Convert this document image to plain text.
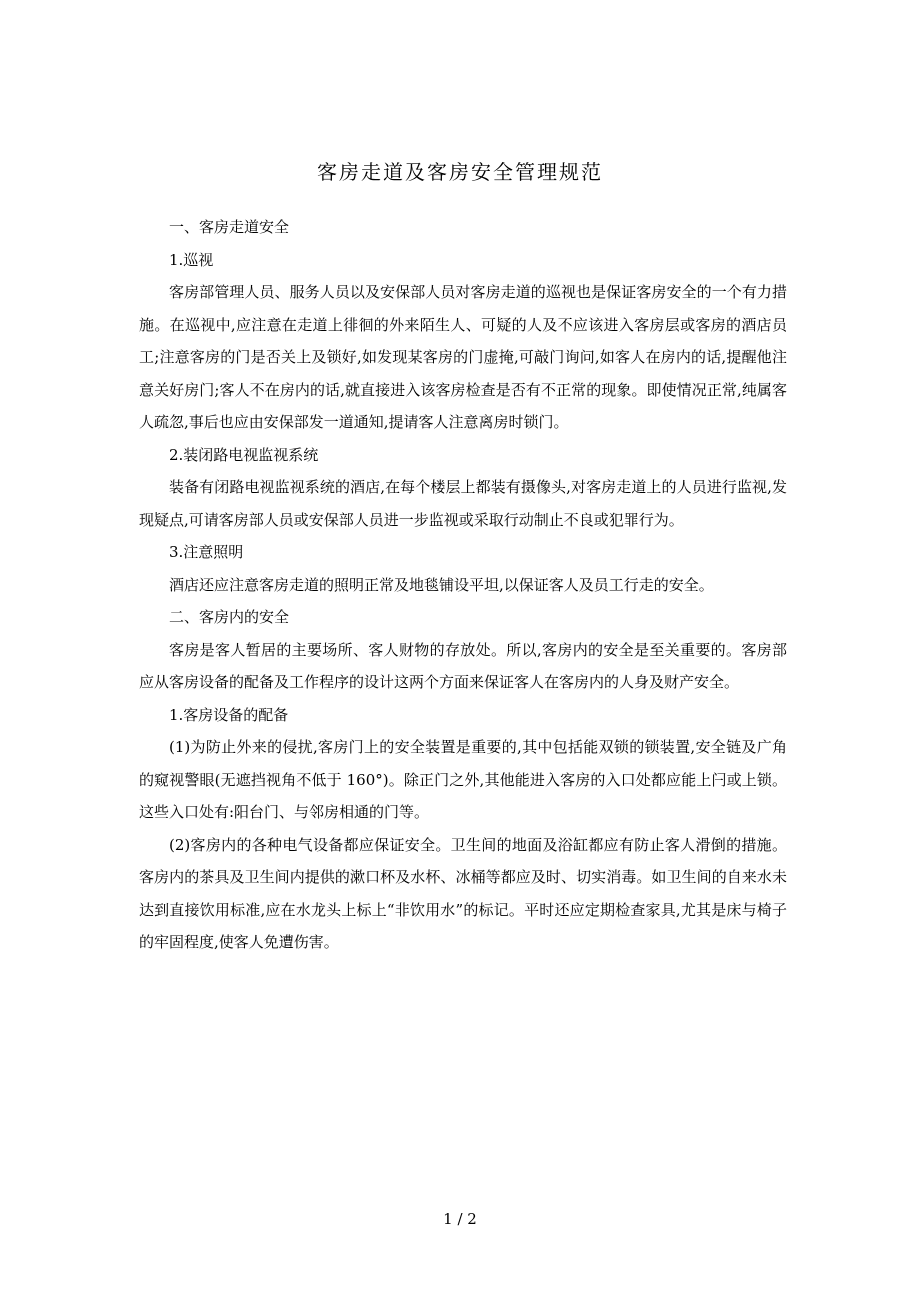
客房走道及客房安全管理规范

一、客房走道安全

1.巡视

客房部管理人员、服务人员以及安保部人员对客房走道的巡视也是保证客房安全的一个有力措施。在巡视中,应注意在走道上徘徊的外来陌生人、可疑的人及不应该进入客房层或客房的酒店员工;注意客房的门是否关上及锁好,如发现某客房的门虚掩,可敲门询问,如客人在房内的话,提醒他注意关好房门;客人不在房内的话,就直接进入该客房检查是否有不正常的现象。即使情况正常,纯属客人疏忽,事后也应由安保部发一道通知,提请客人注意离房时锁门。

2.装闭路电视监视系统

装备有闭路电视监视系统的酒店,在每个楼层上都装有摄像头,对客房走道上的人员进行监视,发现疑点,可请客房部人员或安保部人员进一步监视或采取行动制止不良或犯罪行为。

3.注意照明

酒店还应注意客房走道的照明正常及地毯铺设平坦,以保证客人及员工行走的安全。

二、客房内的安全

客房是客人暂居的主要场所、客人财物的存放处。所以,客房内的安全是至关重要的。客房部应从客房设备的配备及工作程序的设计这两个方面来保证客人在客房内的人身及财产安全。

1.客房设备的配备

(1)为防止外来的侵扰,客房门上的安全装置是重要的,其中包括能双锁的锁装置,安全链及广角的窥视警眼(无遮挡视角不低于 160°)。除正门之外,其他能进入客房的入口处都应能上闩或上锁。这些入口处有:阳台门、与邻房相通的门等。

(2)客房内的各种电气设备都应保证安全。卫生间的地面及浴缸都应有防止客人滑倒的措施。客房内的茶具及卫生间内提供的漱口杯及水杯、冰桶等都应及时、切实消毒。如卫生间的自来水未达到直接饮用标准,应在水龙头上标上“非饮用水”的标记。平时还应定期检查家具,尤其是床与椅子的牢固程度,使客人免遭伤害。

1 / 2
